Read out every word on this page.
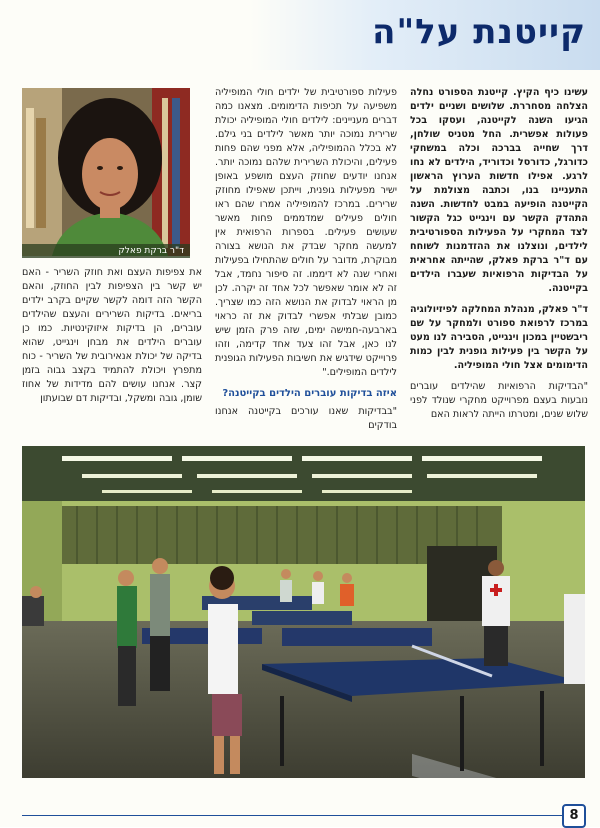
קייטנת על"ה
ד"ר ברקת פאלק

עשינו כיף הקיץ. קייטנת הספורט נחלה הצלחה מסחררת. שלושים ושניים ילדים הגיעו השנה לקייטנה, ועסקו בכל פעולות אפשרית. החל מטניס שולחן, דרך שחייה בברכה וכלה במשחקי כדורגל, כדורסל וכדוריד, הילדים לא נחו לרגע. אפילו חדשות הערוץ הראשון התעניינו בנו, וכתבה מצולמת על הקייטנה הופיעה במבט לחדשות. השנה התהדק הקשר עם וינגייט כגל הקשור לצד המחקרי על הפעילות הספורטיבית לילדים, ונוצלנו את ההזדמנות לשוחח עם ד"ר ברקת פאלק, שהייתה אחראית על הבדיקות הרפואיות שעברו הילדים בקייטנה.

ד"ר פאלק, מנהלת המחלקה לפיזיולוגיה במרכז לרפואת ספורט ולמחקר על שם ריבשטיין במכון וינגייט, הסבירה לנו מעט על הקשר בין פעילות גופנית לבין כמות הדימומים אצל חולי המופיליה.

"הבדיקות הרפואיות שהילדים עוברים נובעות בעצם מפרוייקט מחקרי שנולד לפני שלוש שנים, ומטרתו הייתה לראות האם

פעילות ספורטיבית של ילדים חולי המופיליה משפיעה על תכיפות הדימומים. מצאנו כמה דברים מעניינים: לילדים חולי המופיליה יכולת שרירית נמוכה יותר מאשר לילדים בני גילם. לא בכלל ההמופיליה, אלא מפני שהם פחות פעילים, והיכולת השרירית שלהם נמוכה יותר. אנחנו יודעים שחוזק העצם מושפע באופן ישיר מפעילות גופנית, וייתכן שאפילו מחוזק שרירים. במרכז להמופיליה אמרו שהם ראו חולים פעילים שמדממים פחות מאשר שעושים פעילים. בספרות הרפואית אין למעשה מחקר שבדק את הנושא בצורה מבוקרת, מדובר על חולים שהתחילו בפעילות ואחרי שנה לא דיממו. זה סיפור נחמד, אבל זה לא אומר שאפשר לכל אחד זה יקרה. לכן מן הראוי לבדוק את הנושא הזה כמו שצריך. כמובן שבלתי אפשרי לבדוק את זה כראוי בארבעה-חמישה ימים, שזה פרק הזמן שיש לנו כאן, אבל זהו צעד אחד קדימה, וזהו פרוייקט שידגיש את חשיבות הפעילות הגופנית לילדים המופילים."

איזה בדיקות עוברים הילדים בקייטנה?

"בבדיקות שאנו עורכים בקייטנה אנחנו בודקים

את צפיפות העצם ואת חוזק השריר - האם יש קשר בין הצפיפות לבין החוזק, והאם הקשר הזה דומה לקשר שקיים בקרב ילדים בריאים. בדיקות השרירים והעצם שהילדים עוברים, הן בדיקות איזוקינטיות. כמו כן עוברים הילדים את מבחן וינגייט, שהוא בדיקה של יכולת אנאירובית של השריר - כוח מתפרץ ויכולת להתמיד בקצב גבוה בזמן קצר. אנחנו עושים להם מדידות של אחוז שומן, גובה ומשקל, ובדיקות דם שבועתון

8
